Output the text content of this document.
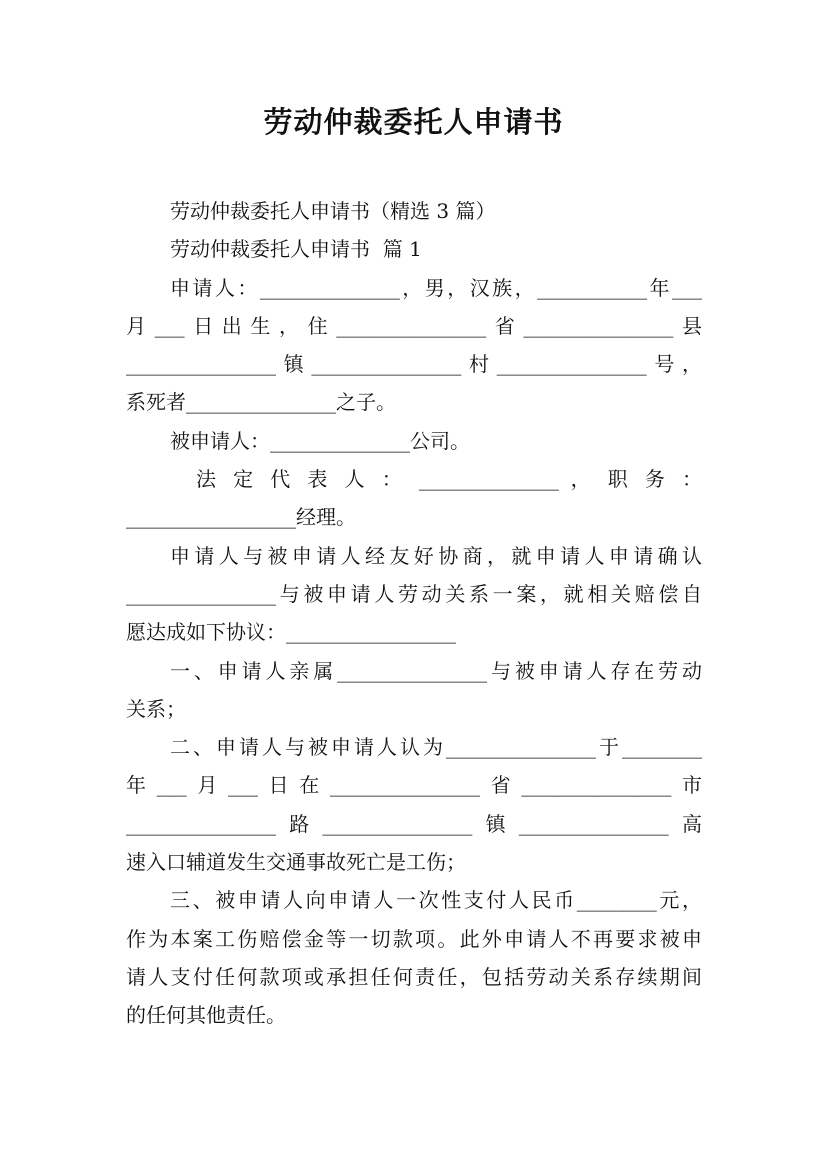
劳动仲裁委托人申请书
劳动仲裁委托人申请书（精选 3 篇）
劳动仲裁委托人申请书  篇 1
申请人：______________，男，汉族，___________年___
月___日出生，住_______________省_______________县
_______________镇_______________村_______________号，
系死者_______________之子。
被申请人：______________公司。
法 定 代 表 人 ： ______________ ， 职 务 ：
_________________经理。
申请人与被申请人经友好协商，就申请人申请确认
_______________与被申请人劳动关系一案，就相关赔偿自
愿达成如下协议：_________________
一、申请人亲属_______________与被申请人存在劳动
关系；
二、申请人与被申请人认为_______________于________
年___月___日在_______________省_______________市
_______________路_______________镇_______________高
速入口辅道发生交通事故死亡是工伤；
三、被申请人向申请人一次性支付人民币________元，
作为本案工伤赔偿金等一切款项。此外申请人不再要求被申
请人支付任何款项或承担任何责任，包括劳动关系存续期间
的任何其他责任。
